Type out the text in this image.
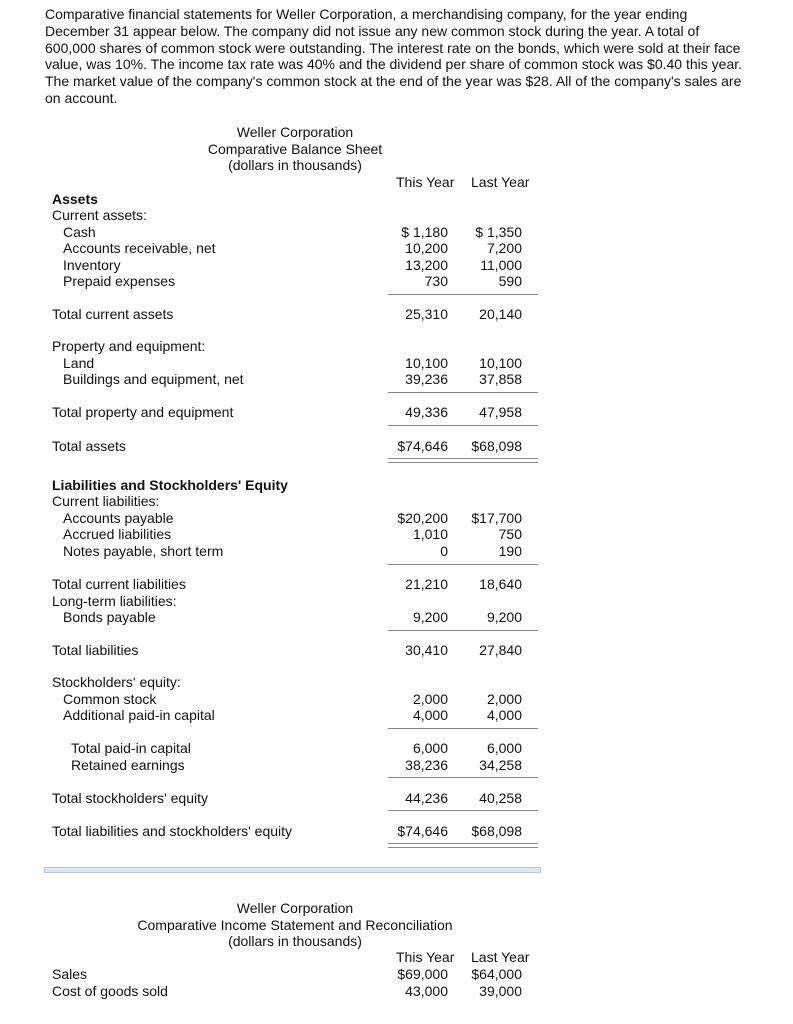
Comparative financial statements for Weller Corporation, a merchandising company, for the year ending December 31 appear below. The company did not issue any new common stock during the year. A total of 600,000 shares of common stock were outstanding. The interest rate on the bonds, which were sold at their face value, was 10%. The income tax rate was 40% and the dividend per share of common stock was $0.40 this year. The market value of the company's common stock at the end of the year was $28. All of the company's sales are on account.

Weller Corporation
Comparative Balance Sheet
(dollars in thousands)
This Year Last Year
Assets
Current assets:
Cash	$ 1,180	$ 1,350
Accounts receivable, net	10,200	7,200
Inventory	13,200	11,000
Prepaid expenses	730	590
Total current assets	25,310	20,140
Property and equipment:
Land	10,100	10,100
Buildings and equipment, net	39,236	37,858
Total property and equipment	49,336	47,958
Total assets	$74,646	$68,098
Liabilities and Stockholders' Equity
Current liabilities:
Accounts payable	$20,200	$17,700
Accrued liabilities	1,010	750
Notes payable, short term	0	190
Total current liabilities	21,210	18,640
Long-term liabilities:
Bonds payable	9,200	9,200
Total liabilities	30,410	27,840
Stockholders' equity:
Common stock	2,000	2,000
Additional paid-in capital	4,000	4,000
Total paid-in capital	6,000	6,000
Retained earnings	38,236	34,258
Total stockholders' equity	44,236	40,258
Total liabilities and stockholders' equity	$74,646	$68,098
Weller Corporation
Comparative Income Statement and Reconciliation
(dollars in thousands)
This Year Last Year
Sales	$69,000	$64,000
Cost of goods sold	43,000	39,000
